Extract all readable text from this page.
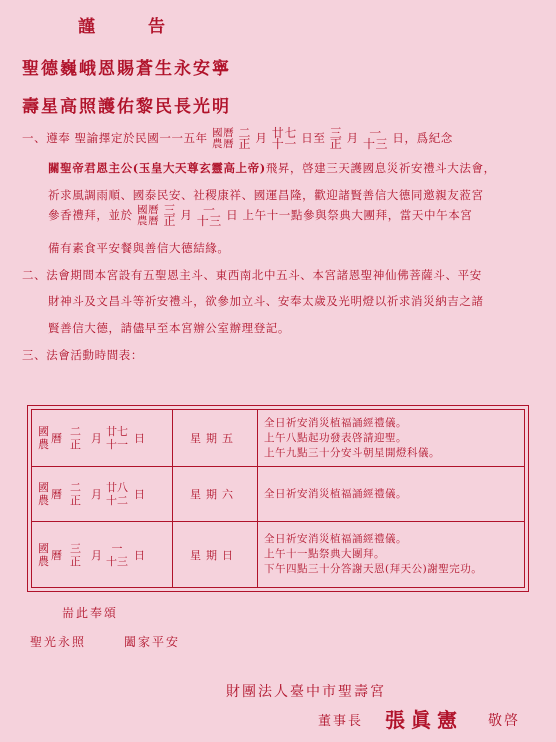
謹　告
聖德巍峨恩賜蒼生永安寧
壽星高照護佑黎民長光明
一、遵奉 聖諭擇定於民國一一五年 國曆
農曆

二
正 月 廿七
十一 日至 三
正 月 一
十三 日，爲紀念
關聖帝君恩主公(玉皇大天尊玄靈高上帝)飛昇，啓建三天護國息災祈安禮斗大法會，
祈求風調雨順、國泰民安、社稷康祥、國運昌隆，歡迎諸賢善信大德同邀親友蒞宮
參香禮拜，並於 國曆
農曆

三
正 月 一
十三 日 上午十一點參與祭典大團拜，當天中午本宮
備有素食平安餐與善信大德結緣。
二、法會期間本宮設有五聖恩主斗、東西南北中五斗、本宮諸恩聖神仙佛菩薩斗、平安
財神斗及文昌斗等祈安禮斗，欲參加立斗、安奉太歲及光明燈以祈求消災納吉之諸
賢善信大德，請儘早至本宮辦公室辦理登記。
三、法會活動時間表：
國
農 曆
二
正 月
廿七
十一 日	星期五
全日祈安消災植福誦經禮儀。
上午八點起功發表啓請迎聖。
上午九點三十分安斗朝星開燈科儀。
國
農 曆
二
正 月
廿八
十二 日	星期六	全日祈安消災植福誦經禮儀。
國
農 曆
三
正 月
一
十三 日	星期日
全日祈安消災植福誦經禮儀。
上午十一點祭典大團拜。
下午四點三十分答謝天恩(拜天公)謝聖完功。
耑此奉頌
聖光永照	闔家平安
財團法人臺中市聖壽宮
董事長 張眞憲 敬啓
